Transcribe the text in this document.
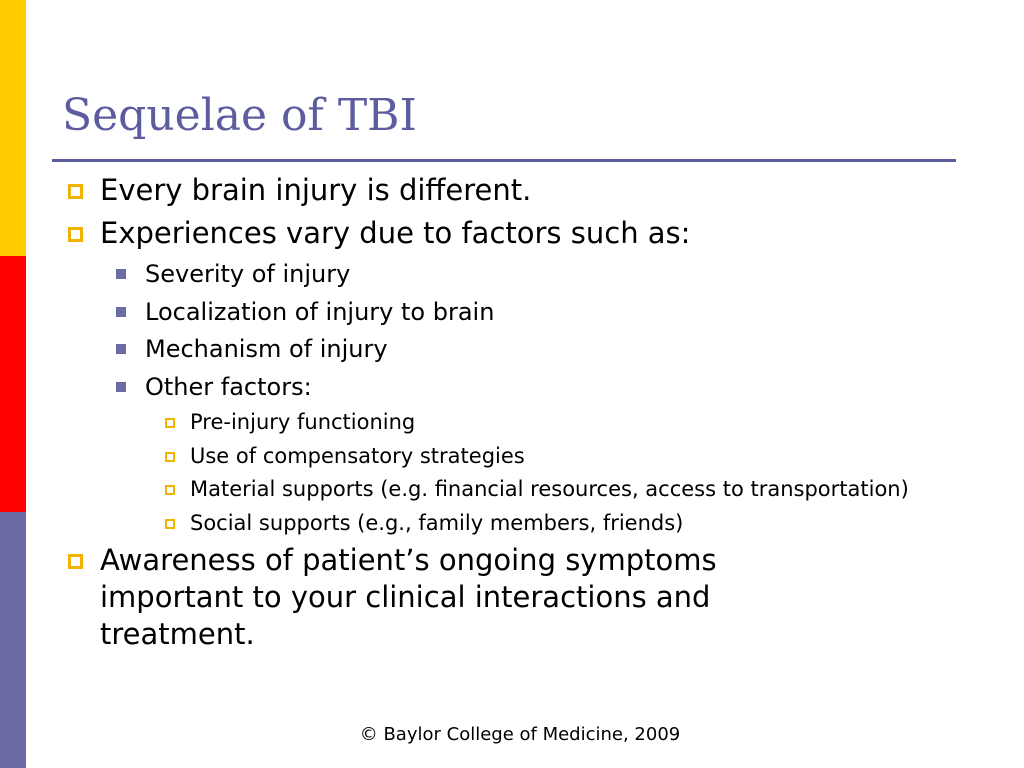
Sequelae of TBI
Every brain injury is different.
Experiences vary due to factors such as:
Severity of injury
Localization of injury to brain
Mechanism of injury
Other factors:
Pre-injury functioning
Use of compensatory strategies
Material supports (e.g. financial resources, access to transportation)
Social supports (e.g., family members, friends)
Awareness of patient’s ongoing symptoms important to your clinical interactions and treatment.
© Baylor College of Medicine, 2009
